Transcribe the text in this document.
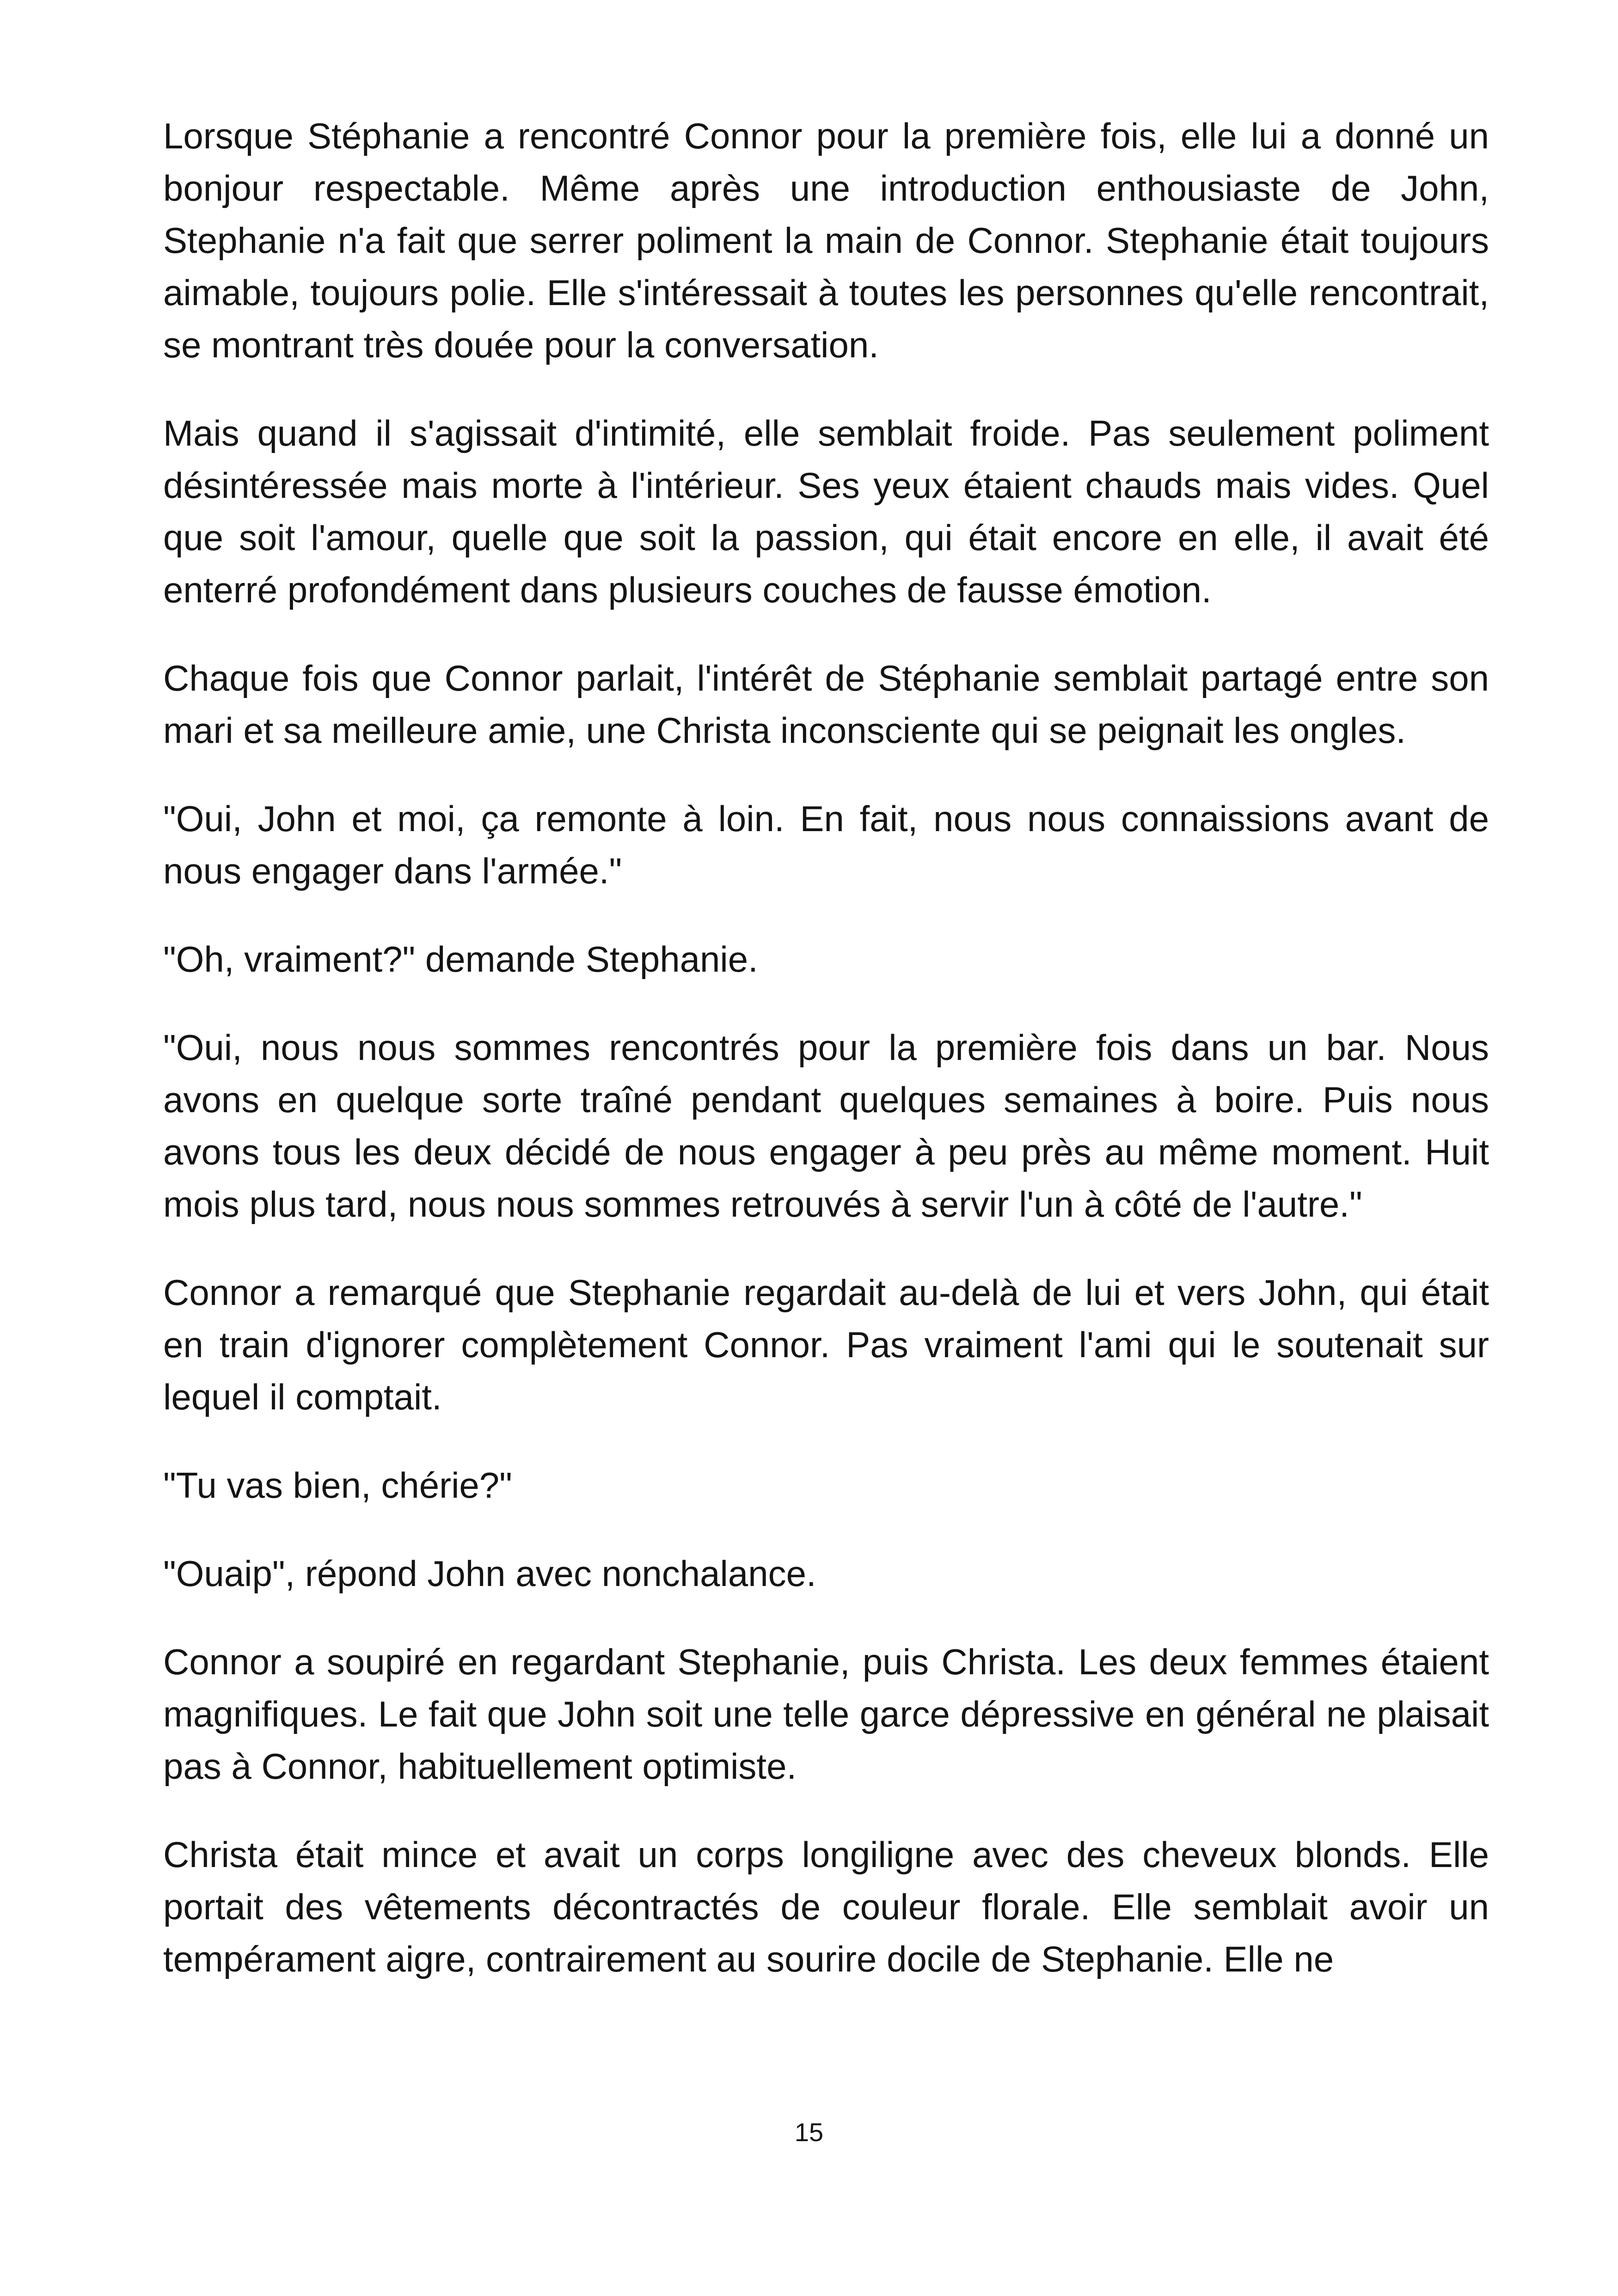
Lorsque Stéphanie a rencontré Connor pour la première fois, elle lui a donné un bonjour respectable. Même après une introduction enthousiaste de John, Stephanie n'a fait que serrer poliment la main de Connor. Stephanie était toujours aimable, toujours polie. Elle s'intéressait à toutes les personnes qu'elle rencontrait, se montrant très douée pour la conversation.

Mais quand il s'agissait d'intimité, elle semblait froide. Pas seulement poliment désintéressée mais morte à l'intérieur. Ses yeux étaient chauds mais vides. Quel que soit l'amour, quelle que soit la passion, qui était encore en elle, il avait été enterré profondément dans plusieurs couches de fausse émotion.

Chaque fois que Connor parlait, l'intérêt de Stéphanie semblait partagé entre son mari et sa meilleure amie, une Christa inconsciente qui se peignait les ongles.

"Oui, John et moi, ça remonte à loin. En fait, nous nous connaissions avant de nous engager dans l'armée."

"Oh, vraiment?" demande Stephanie.

"Oui, nous nous sommes rencontrés pour la première fois dans un bar. Nous avons en quelque sorte traîné pendant quelques semaines à boire. Puis nous avons tous les deux décidé de nous engager à peu près au même moment. Huit mois plus tard, nous nous sommes retrouvés à servir l'un à côté de l'autre."

Connor a remarqué que Stephanie regardait au-delà de lui et vers John, qui était en train d'ignorer complètement Connor. Pas vraiment l'ami qui le soutenait sur lequel il comptait.

"Tu vas bien, chérie?"

"Ouaip", répond John avec nonchalance.

Connor a soupiré en regardant Stephanie, puis Christa. Les deux femmes étaient magnifiques. Le fait que John soit une telle garce dépressive en général ne plaisait pas à Connor, habituellement optimiste.

Christa était mince et avait un corps longiligne avec des cheveux blonds. Elle portait des vêtements décontractés de couleur florale. Elle semblait avoir un tempérament aigre, contrairement au sourire docile de Stephanie. Elle ne

15
